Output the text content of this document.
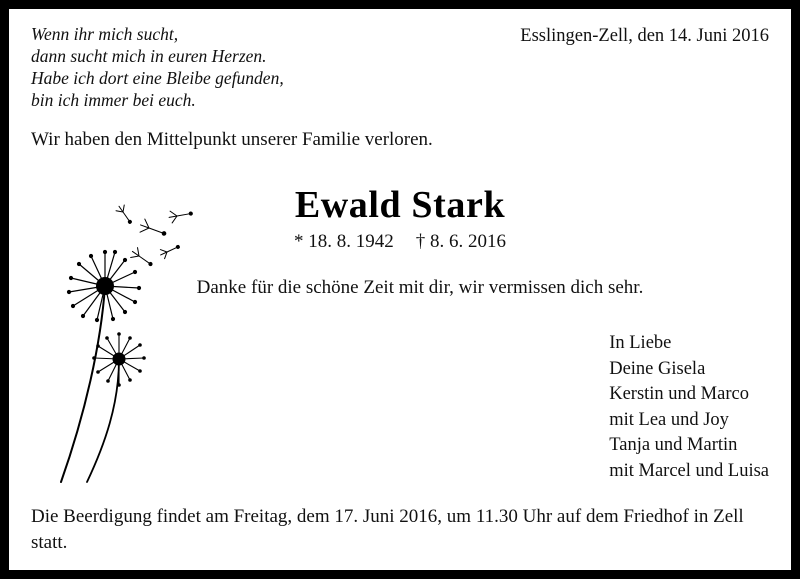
Wenn ihr mich sucht,
dann sucht mich in euren Herzen.
Habe ich dort eine Bleibe gefunden,
bin ich immer bei euch.
Esslingen-Zell, den 14. Juni 2016
Wir haben den Mittelpunkt unserer Familie verloren.
Ewald Stark
* 18. 8. 1942 † 8. 6. 2016
Danke für die schöne Zeit mit dir, wir vermissen dich sehr.
In Liebe
Deine Gisela
Kerstin und Marco
mit Lea und Joy
Tanja und Martin
mit Marcel und Luisa
Die Beerdigung findet am Freitag, dem 17. Juni 2016, um 11.30 Uhr auf dem Friedhof in Zell statt.
